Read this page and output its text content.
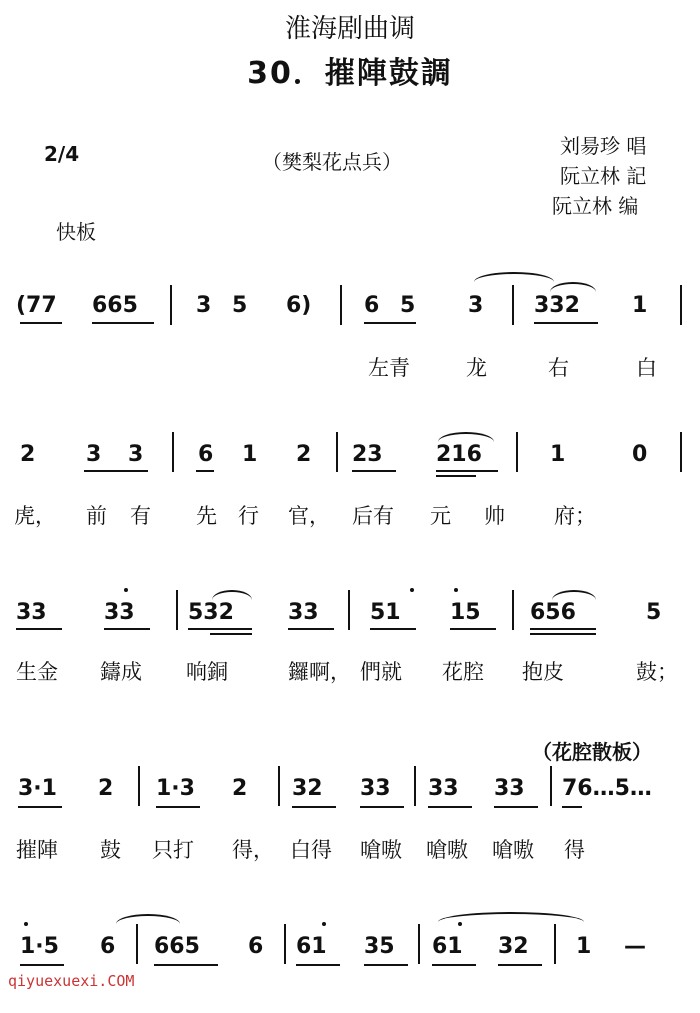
淮海剧曲调
30．摧陣鼓調
2/4	（樊梨花点兵）
刘昜珍 唱
阮立林 記
阮立林 编
快板
(77 665	3 5 6) 6 5 3 332 1
左青	龙	右	白
2 3 3 6 1 2 23 216	1	0
虎， 前 有 先 行 官， 后有 元 帅 府；
33	33 532 33 51 15 656	5
生金 鑄成 响銅	鑼啊， 們就 花腔 抱皮	鼓；
（花腔散板）
3·1 2 1·3 2 32 33 33 33 76…5…
摧陣 鼓 只打 得， 白得 嗆嗷 嗆嗷 嗆嗷 得
1·5 6 665 6 61 35 61 32 1 —
qiyuexuexi.COM
